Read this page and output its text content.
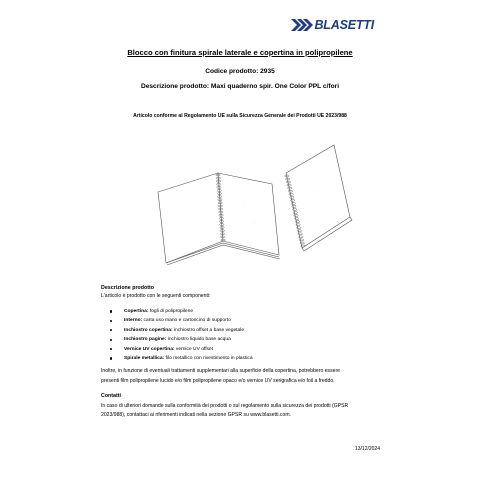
BLASETTI
Blocco con finitura spirale laterale e copertina in polipropilene
Codice prodotto: 2935
Descrizione prodotto: Maxi quaderno spir. One Color PPL c/fori
Articolo conforme al Regolamento UE sulla Sicurezza Generale dei Prodotti UE 2023/988
Descrizione prodotto
L'articolo è prodotto con le seguenti componenti:
Copertina: fogli di polipropilene
Interno: carta uso mano e cartoncino di supporto
Inchiostro copertina: inchiostro offset a base vegetale
Inchiostro pagine: inchiostro liquido base acqua
Vernice UV copertina: vernice UV offset
Spirale metallica: filo metallico con rivestimento in plastica
Inoltre, in funzione di eventuali trattamenti supplementari alla superficie della copertina, potrebbero essere
presenti film polipropilene lucido e/o film polipropilene opaco e/o vernice UV serigrafica e/o foil a freddo.
Contatti
In caso di ulteriori domande sulla conformità dei prodotti o sul regolamento sulla sicurezza dei prodotti (GPSR
2023/988), contattaci ai riferimenti indicati nella sezione GPSR su www.blasetti.com.
13/12/2024
